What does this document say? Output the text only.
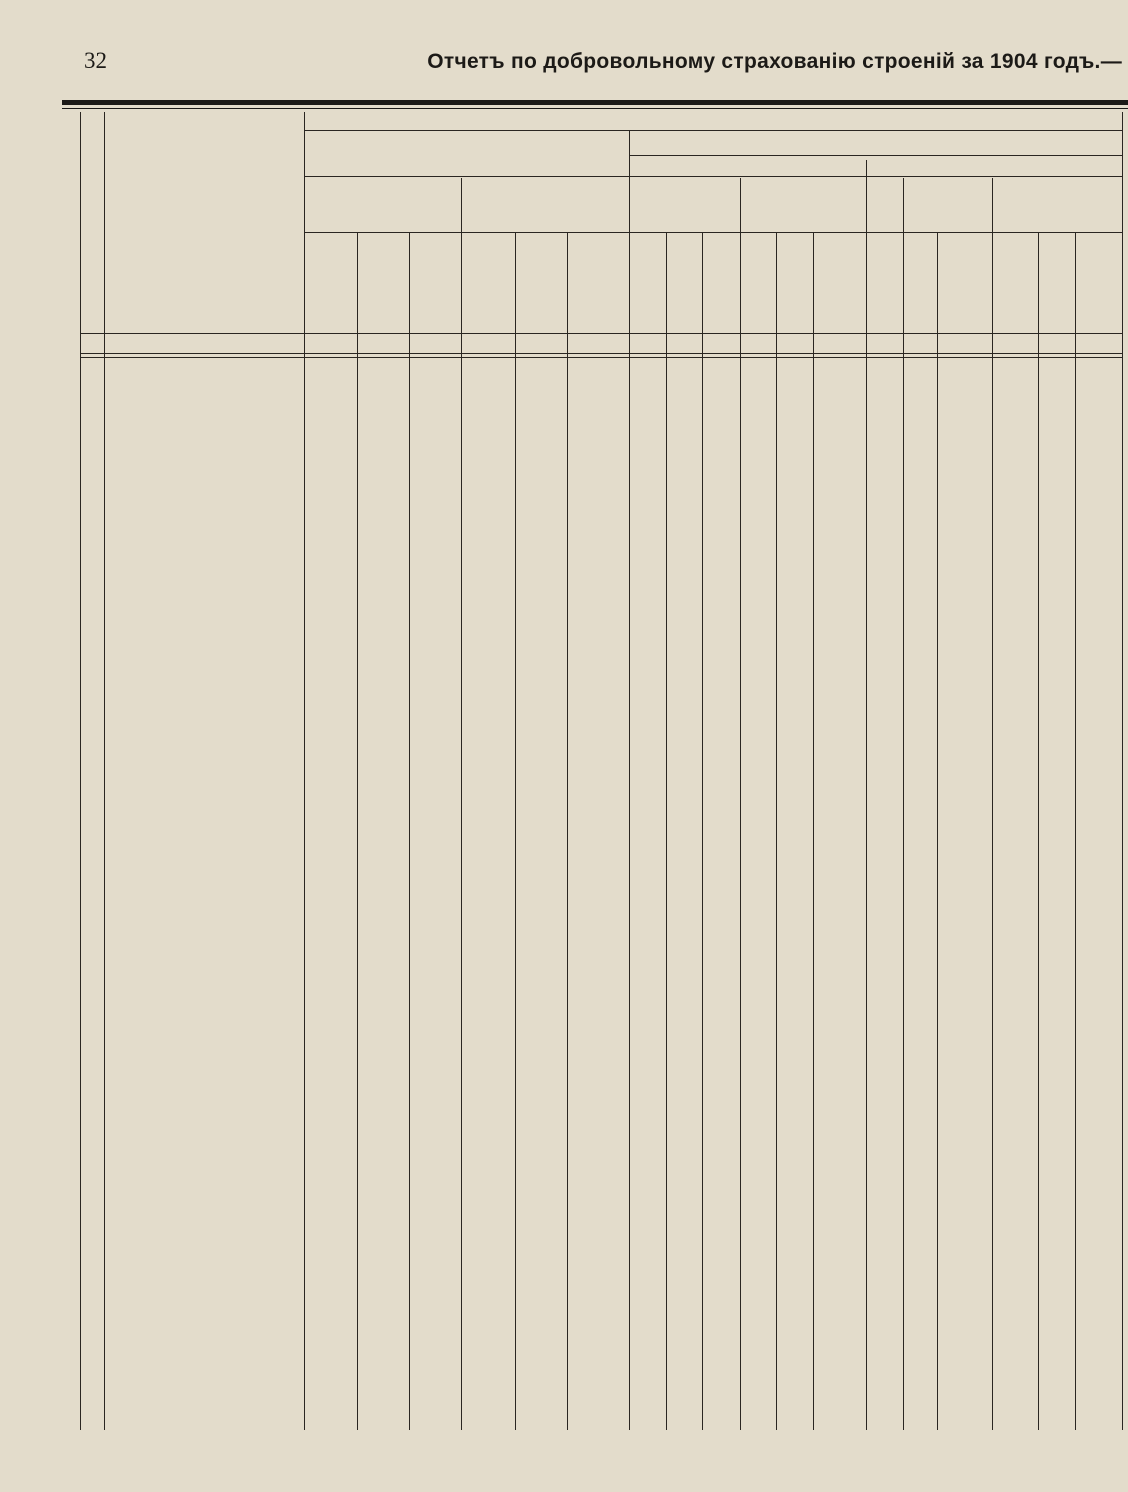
32	Отчетъ по добровольному страхованію строеній за 1904 годъ.—
